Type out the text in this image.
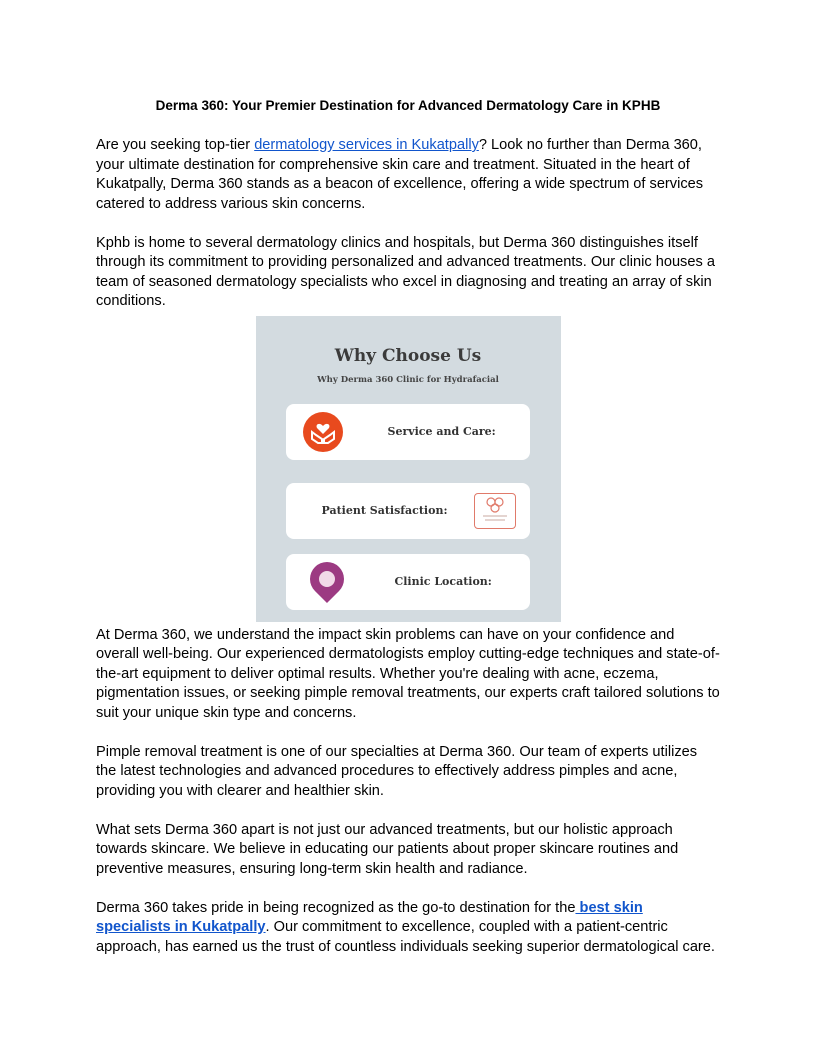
Derma 360: Your Premier Destination for Advanced Dermatology Care in KPHB

Are you seeking top-tier dermatology services in Kukatpally? Look no further than Derma 360, your ultimate destination for comprehensive skin care and treatment. Situated in the heart of Kukatpally, Derma 360 stands as a beacon of excellence, offering a wide spectrum of services catered to address various skin concerns.

Kphb is home to several dermatology clinics and hospitals, but Derma 360 distinguishes itself through its commitment to providing personalized and advanced treatments. Our clinic houses a team of seasoned dermatology specialists who excel in diagnosing and treating an array of skin conditions.

Why Choose Us
Why Derma 360 Clinic for Hydrafacial
Service and Care:
Patient Satisfaction:
Clinic Location:

At Derma 360, we understand the impact skin problems can have on your confidence and overall well-being. Our experienced dermatologists employ cutting-edge techniques and state-of-the-art equipment to deliver optimal results. Whether you're dealing with acne, eczema, pigmentation issues, or seeking pimple removal treatments, our experts craft tailored solutions to suit your unique skin type and concerns.

Pimple removal treatment is one of our specialties at Derma 360. Our team of experts utilizes the latest technologies and advanced procedures to effectively address pimples and acne, providing you with clearer and healthier skin.

What sets Derma 360 apart is not just our advanced treatments, but our holistic approach towards skincare. We believe in educating our patients about proper skincare routines and preventive measures, ensuring long-term skin health and radiance.

Derma 360 takes pride in being recognized as the go-to destination for the best skin specialists in Kukatpally. Our commitment to excellence, coupled with a patient-centric approach, has earned us the trust of countless individuals seeking superior dermatological care.
